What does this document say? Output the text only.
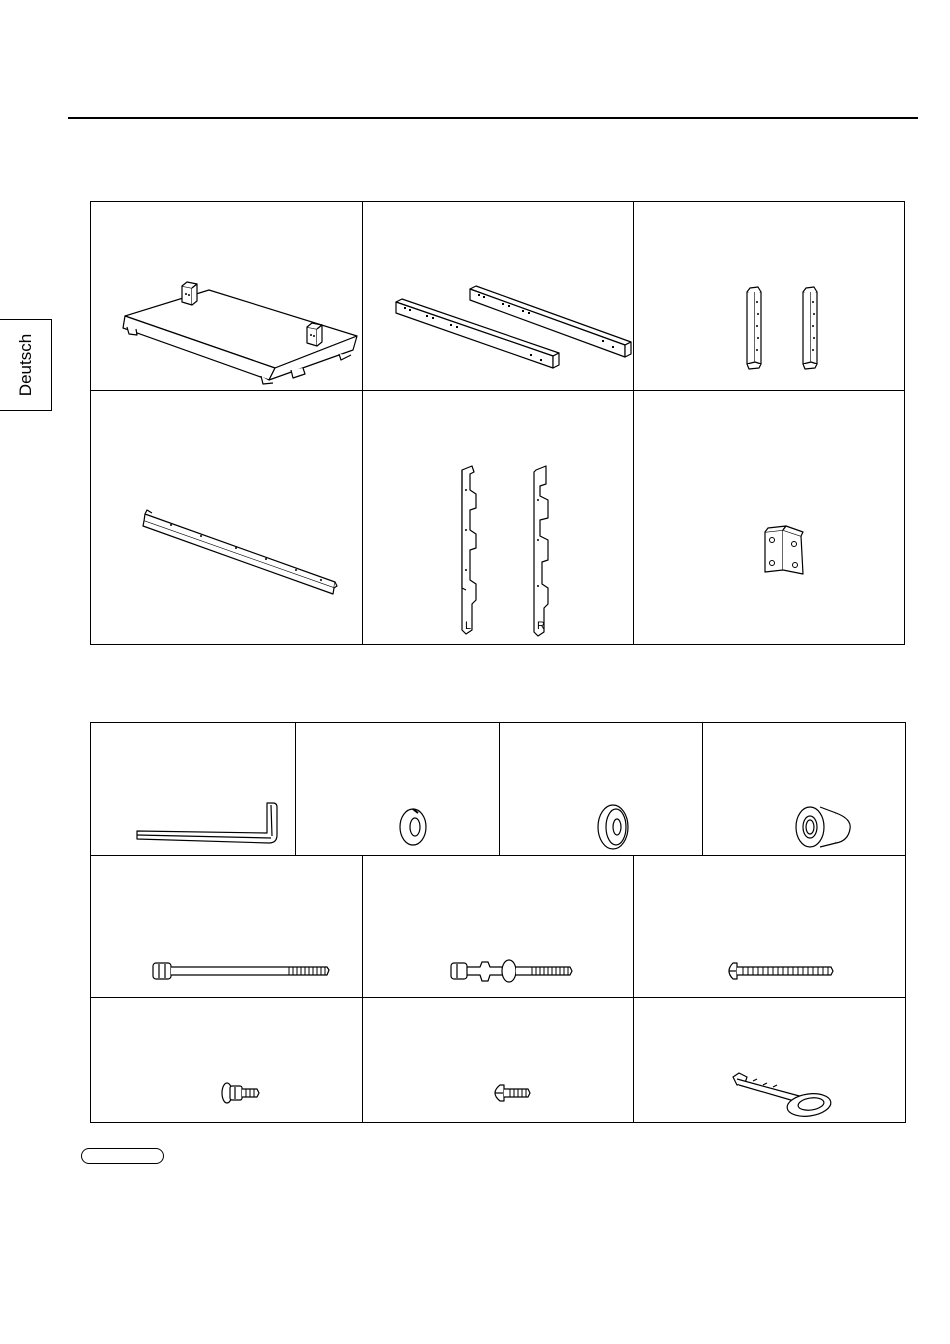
Deutsch
L	R
